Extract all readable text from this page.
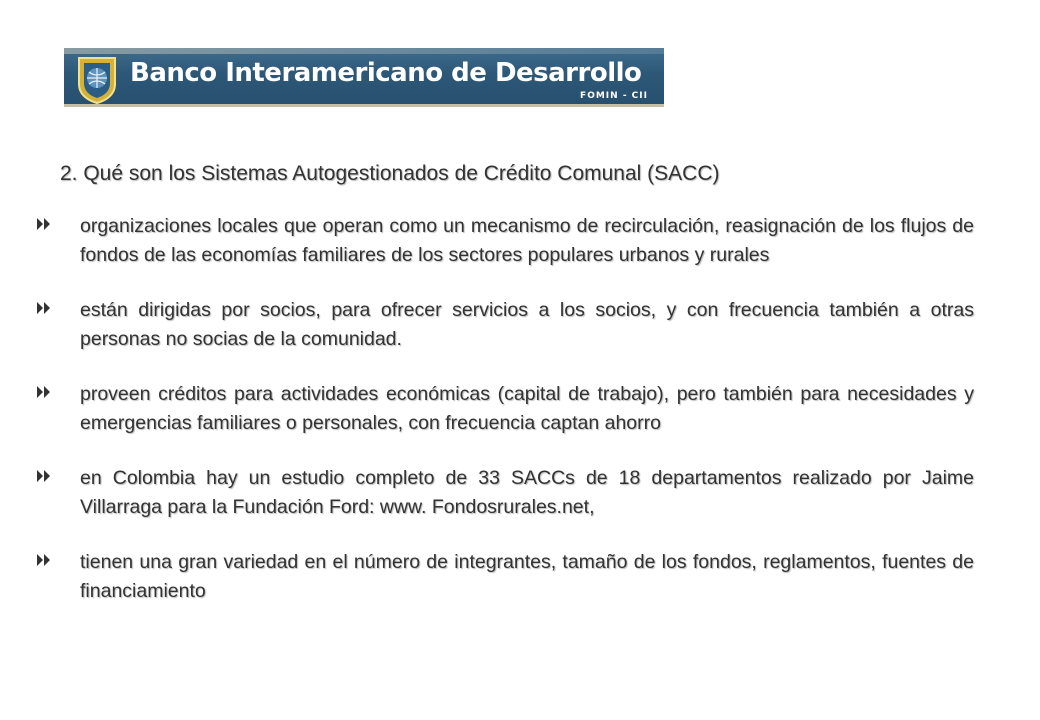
Banco Interamericano de Desarrollo
FOMIN - CII
2. Qué son los Sistemas Autogestionados de Crédito Comunal (SACC)
organizaciones locales que operan como un mecanismo de recirculación, reasignación de los flujos de fondos de las economías familiares de los sectores populares urbanos y rurales
están dirigidas por socios, para ofrecer servicios a los socios, y con frecuencia también a otras personas no socias de la comunidad.
proveen créditos para actividades económicas (capital de trabajo), pero también para necesidades y emergencias familiares o personales, con frecuencia captan ahorro
en Colombia hay un estudio completo de 33 SACCs de 18 departamentos realizado por Jaime Villarraga para la Fundación Ford: www. Fondosrurales.net,
tienen una gran variedad en el número de integrantes, tamaño de los fondos, reglamentos, fuentes de financiamiento
